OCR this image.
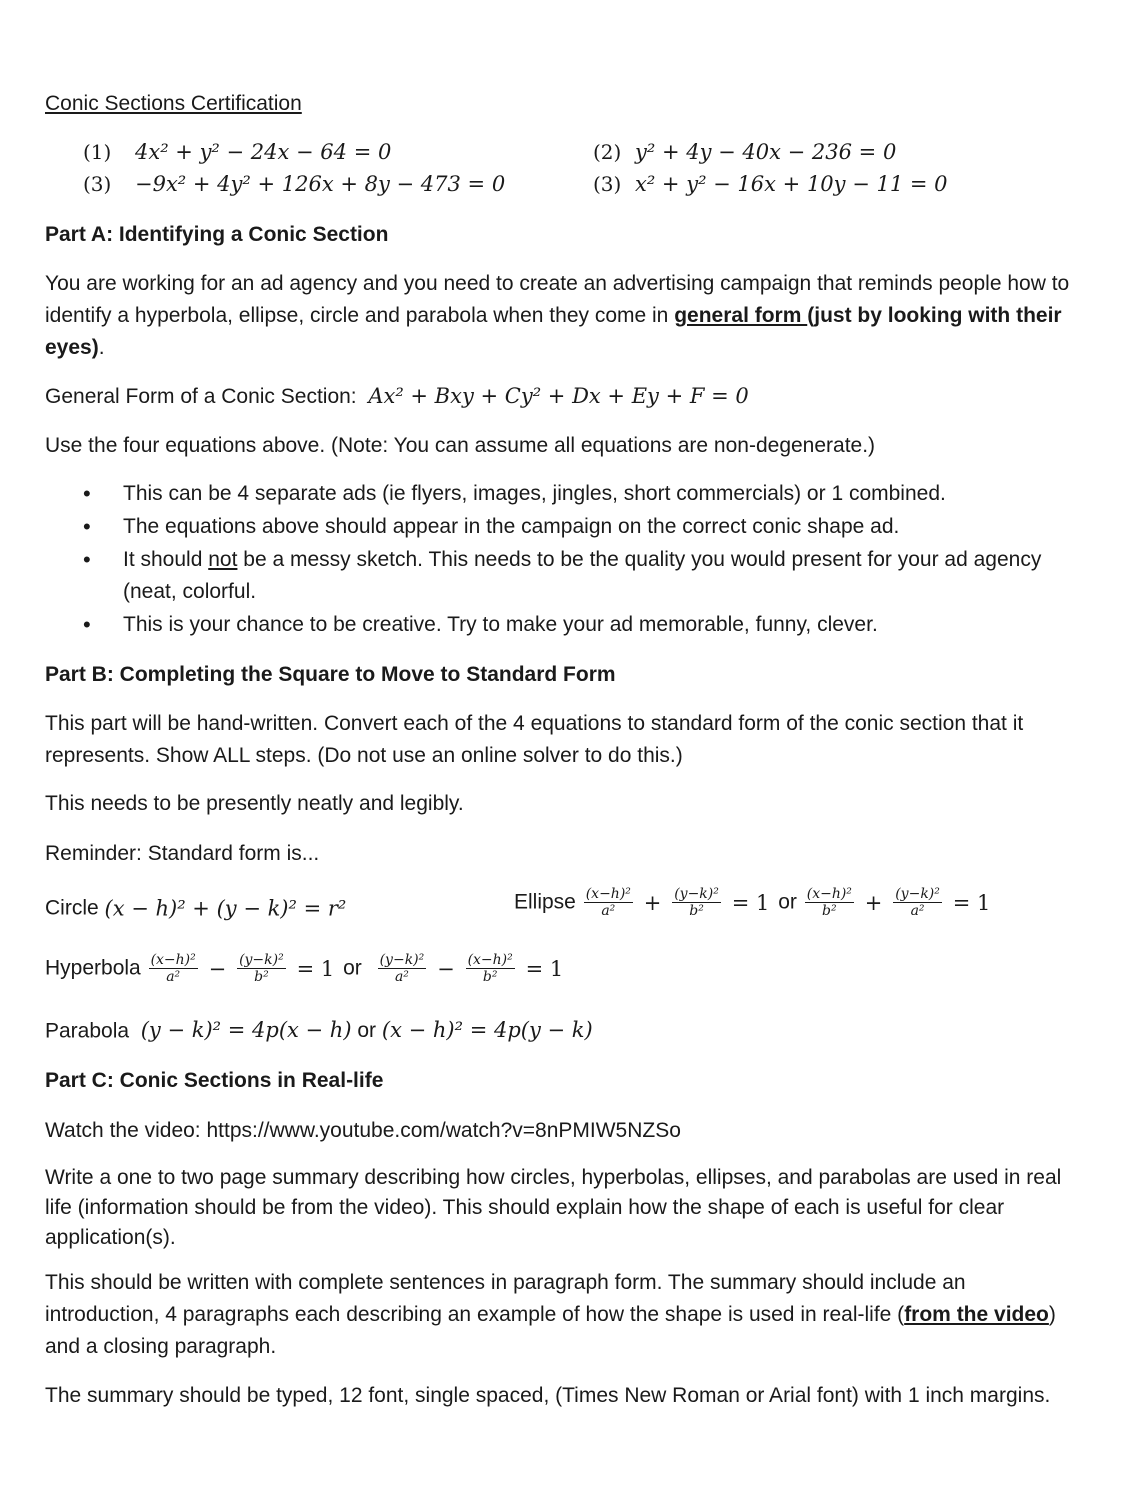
Conic Sections Certification
(1) 4x² + y² − 24x − 64 = 0	(2) y² + 4y − 40x − 236 = 0
(3) −9x² + 4y² + 126x + 8y − 473 = 0	(3) x² + y² − 16x + 10y − 11 = 0
Part A: Identifying a Conic Section

You are working for an ad agency and you need to create an advertising campaign that reminds people how to identify a hyperbola, ellipse, circle and parabola when they come in general form (just by looking with their eyes).

General Form of a Conic Section: Ax² + Bxy + Cy² + Dx + Ey + F = 0

Use the four equations above. (Note: You can assume all equations are non-degenerate.)

• This can be 4 separate ads (ie flyers, images, jingles, short commercials) or 1 combined.
• The equations above should appear in the campaign on the correct conic shape ad.
• It should not be a messy sketch. This needs to be the quality you would present for your ad agency (neat, colorful.
• This is your chance to be creative. Try to make your ad memorable, funny, clever.
Part B: Completing the Square to Move to Standard Form

This part will be hand-written. Convert each of the 4 equations to standard form of the conic section that it represents. Show ALL steps. (Do not use an online solver to do this.)

This needs to be presently neatly and legibly.

Reminder: Standard form is...

Circle (x − h)² + (y − k)² = r²	Ellipse $\frac{\text{(x−h)²}}{\text{a²}} + \frac{\text{(y−k)²}}{\text{b²}} = 1$ or $\frac{\text{(x−h)²}}{\text{b²}} + \frac{\text{(y−k)²}}{\text{a²}} = 1$
Hyperbola $\frac{\text{(x−h)²}}{\text{a²}} - \frac{\text{(y−k)²}}{\text{b²}} = 1$ or $\frac{\text{(y−k)²}}{\text{a²}} - \frac{\text{(x−h)²}}{\text{b²}} = 1$
Parabola (y − k)² = 4p(x − h) or (x − h)² = 4p(y − k)
Part C: Conic Sections in Real-life

Watch the video: https://www.youtube.com/watch?v=8nPMIW5NZSo

Write a one to two page summary describing how circles, hyperbolas, ellipses, and parabolas are used in real life (information should be from the video). This should explain how the shape of each is useful for clear application(s).

This should be written with complete sentences in paragraph form. The summary should include an introduction, 4 paragraphs each describing an example of how the shape is used in real-life (from the video) and a closing paragraph.

The summary should be typed, 12 font, single spaced, (Times New Roman or Arial font) with 1 inch margins.
